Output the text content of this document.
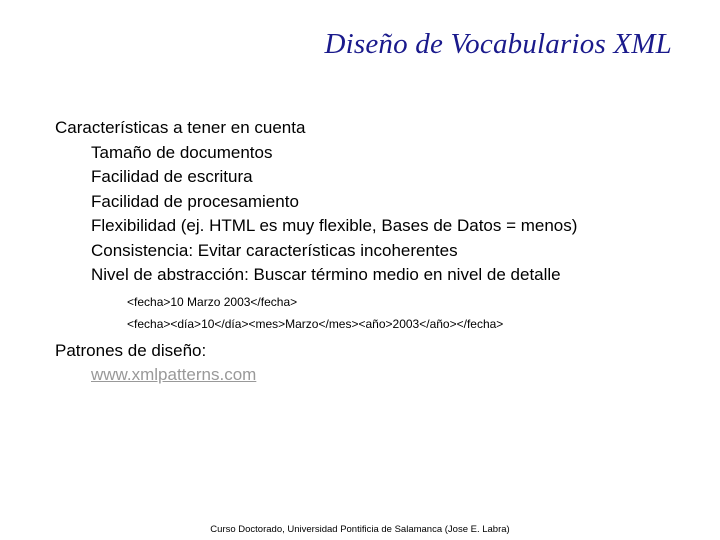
Diseño de Vocabularios XML
Características a tener en cuenta
Tamaño de documentos
Facilidad de escritura
Facilidad de procesamiento
Flexibilidad (ej. HTML es muy flexible, Bases de Datos = menos)
Consistencia: Evitar características incoherentes
Nivel de abstracción: Buscar término medio en nivel de detalle
<fecha>10 Marzo 2003</fecha>
<fecha><día>10</día><mes>Marzo</mes><año>2003</año></fecha>
Patrones de diseño:
www.xmlpatterns.com
Curso Doctorado, Universidad Pontificia de Salamanca (Jose E. Labra)
